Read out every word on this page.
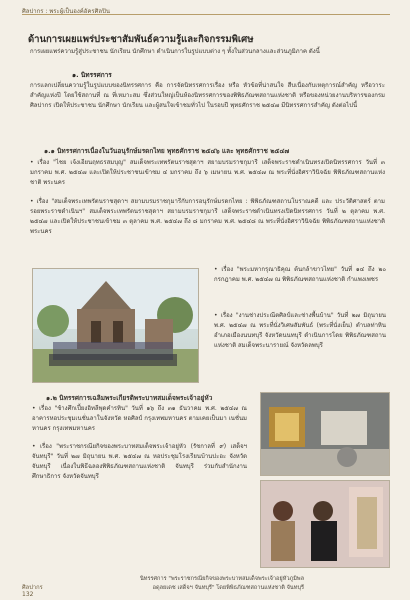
ศิลปากร : พระผู้เป็นองค์อัครศิลปิน
ด้านการเผยแพร่ประชาสัมพันธ์ความรู้และกิจกรรมพิเศษ
การเผยแพร่ความรู้สู่ประชาชน นักเรียน นักศึกษา ดำเนินการในรูปแบบต่าง ๆ ทั้งในส่วนกลางและส่วนภูมิภาค ดังนี้
๑. นิทรรศการ
การแลกเปลี่ยนความรู้ในรูปแบบของนิทรรศการ คือ การจัดนิทรรศการเรื่อง หรือ หัวข้อที่น่าสนใจ สืบเนื่องกับเหตุการณ์สำคัญ หรือวาระสำคัญแห่งปี โดยใช้สถานที่ ณ ที่เหมาะสม ซึ่งส่วนใหญ่เป็นห้องนิทรรศการของพิพิธภัณฑสถานแห่งชาติ หรือของหน่วยงานบริหารของกรมศิลปากร เปิดให้ประชาชน นักศึกษา นักเรียน และผู้สนใจเข้าชมทั่วไป ในรอบปี พุทธศักราช ๒๕๔๗ มีนิทรรศการสำคัญ ดังต่อไปนี้
๑.๑ นิทรรศการเนื่องในวันอนุรักษ์มรดกไทย พุทธศักราช ๒๕๔๖ และ พุทธศักราช ๒๕๔๗
• เรื่อง "ไชย เจ้งเอียนฤทธรสมบุญ" สมเด็จพระเทพรัตนราชสุดาฯ สยามบรมราชกุมารี เสด็จพระราชดำเนินทรงเปิดนิทรรศการ วันที่ ๓ มกราคม พ.ศ. ๒๕๔๗ และเปิดให้ประชาชนเข้าชม ๔ มกราคม ถึง ๖ เมษายน พ.ศ. ๒๕๔๗ ณ พระที่นั่งอิศราวินิจฉัย พิพิธภัณฑสถานแห่งชาติ พระนคร
• เรื่อง "สมเด็จพระเทพรัตนราชสุดาฯ สยามบรมราชกุมารีกับการอนุรักษ์มรดกไทย : พิพิธภัณฑสถานโบราณคดี และ ประวัติศาสตร์ ตามรอยพระราชดำเนินฯ" สมเด็จพระเทพรัตนราชสุดาฯ สยามบรมราชกุมารี เสด็จพระราชดำเนินทรงเปิดนิทรรศการ วันที่ ๒ ตุลาคม พ.ศ. ๒๕๔๗ และเปิดให้ประชาชนเข้าชม ๓ ตุลาคม พ.ศ. ๒๕๔๗ ถึง ๘ มกราคม พ.ศ. ๒๕๔๘ ณ พระที่นั่งอิศราวินิจฉัย พิพิธภัณฑสถานแห่งชาติ พระนคร
• เรื่อง "พระมหากรุณาธิคุณ ต้นกล้าขาวไทย" วันที่ ๑๔ ถึง ๒๐ กรกฎาคม พ.ศ. ๒๕๔๗ ณ พิพิธภัณฑสถานแห่งชาติ กำแพงเพชร
• เรื่อง "งานช่างประณีตศิลป์และช่างพื้นบ้าน" วันที่ ๒๗ มิถุนายน พ.ศ. ๒๕๔๗ ณ พระที่นั่งวิเศษสัมพันธ์ (พระที่นั่งเย็น) ตำบลท่าหิน อำเภอเมืองนนทบุรี จังหวัดนนทบุรี ดำเนินการโดย พิพิธภัณฑสถานแห่งชาติ สมเด็จพระนารายณ์ จังหวัดลพบุรี
๑.๒ นิทรรศการเฉลิมพระเกียรติพระบาทสมเด็จพระเจ้าอยู่หัว
• เรื่อง "ช้างศึกเปี้ยงอิทลีพุดคำรทิน" วันที่ ๑๖ ถึง ๓๑ ธันวาคม พ.ศ. ๒๕๔๗ ณ อาคารหอประชุมเนชั่นลาในจังหวัด หอศิลป์ กรุงเทพมหานคร ตามเคยเป็นมา เนชั่นมหานคร กรุงเทพมหานคร
• เรื่อง "พระราชกรณียกิจของพระบาทสมเด็จพระเจ้าอยู่หัว (รัชกาลที่ ๙) เสด็จฯ จันทบุรี" วันที่ ๒๗ มิถุนายน พ.ศ. ๒๕๔๗ ณ หอประชุมโรงเรียนบ้านปะอะ จังหวัดจันทบุรี เนื่องในพิธีฉลองพิพิธภัณฑสถานแห่งชาติ จันทบุรี ร่วมกับสำนักงานศึกษาธิการ จังหวัดจันทบุรี
นิทรรศการ "พระราชกรณียกิจของพระบาทสมเด็จพระเจ้าอยู่หัวภูมิพลอดุลยเดช เสด็จฯ จันทบุรี" โดยพิพิธภัณฑสถานแห่งชาติ จันทบุรี
ศิลปากร
132
